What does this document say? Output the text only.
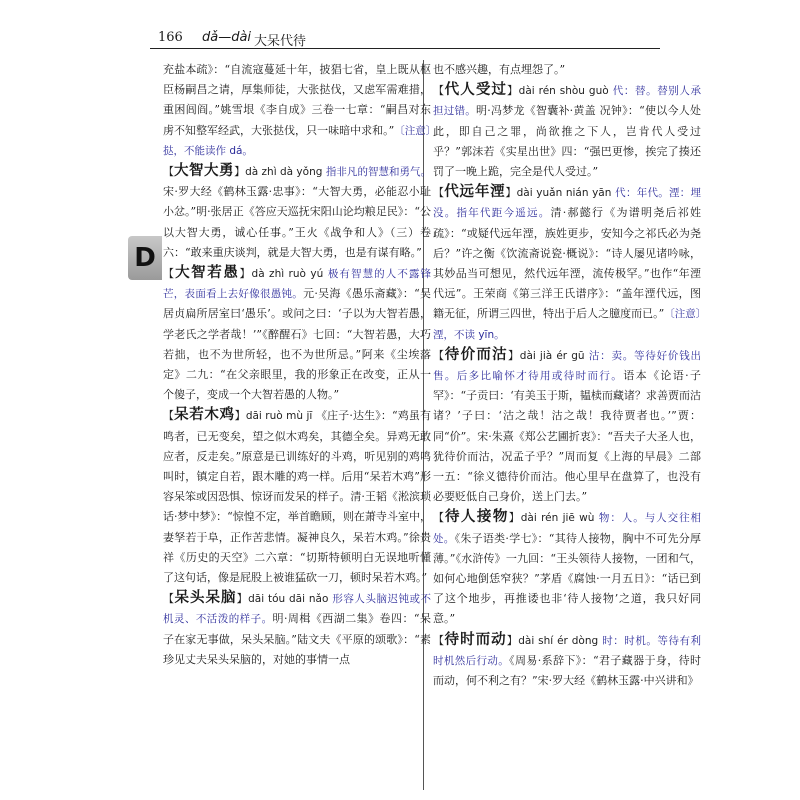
166 dǎ—dài 大呆代待
D

充盐本疏》：“自流寇蔓延十年，披猖七省，皇上既从枢臣杨嗣昌之请，厚集师徒，大张挞伐，又虑军需难措，重困闾阎。”姚雪垠《李自成》三卷一七章：“嗣昌对东虏不知整军经武，大张挞伐，只一味暗中求和。”〔注意〕挞，不能读作 dá。

【大智大勇】dà zhì dà yǒng 指非凡的智慧和勇气。宋·罗大经《鹤林玉露·忠事》：“大智大勇，必能忍小耻小忿。”明·张居正《答应天巡抚宋阳山论均粮足民》：“公以大智大勇，诚心任事。”王火《战争和人》（三）卷六：“敢来重庆谈判，就是大智大勇，也是有谋有略。”

【大智若愚】dà zhì ruò yú 极有智慧的人不露锋芒，表面看上去好像很愚钝。元·吴海《愚乐斋藏》：“吴居贞扁所居室曰‘愚乐’。或问之曰：‘子以为大智若愚，学老氏之学者哉！’”《醉醒石》七回：“大智若愚，大巧若拙，也不为世所轻，也不为世所忌。”阿来《尘埃落定》二九：“在父亲眼里，我的形象正在改变，正从一个傻子，变成一个大智若愚的人物。”

【呆若木鸡】dāi ruò mù jī 《庄子·达生》：“鸡虽有鸣者，已无变矣，望之似木鸡矣，其德全矣。异鸡无敢应者，反走矣。”原意是已训练好的斗鸡，听见别的鸡鸣叫时，镇定自若，跟木雕的鸡一样。后用“呆若木鸡”形容呆笨或因恐惧、惊讶而发呆的样子。清·王韬《淞滨琐话·梦中梦》：“惊惶不定，举首瞻顾，则在萧寺斗室中，妻孥若于阜，正作苦悲情。凝神良久，呆若木鸡。”徐贵祥《历史的天空》二六章：“切斯特顿明白无误地听懂了这句话，像是屁股上被谁猛砍一刀，顿时呆若木鸡。”

【呆头呆脑】dāi tóu dāi nǎo 形容人头脑迟钝或不机灵、不活泼的样子。明·周楫《西湖二集》卷四：“呆子在家无事做，呆头呆脑。”陆文夫《平原的颂歌》：“素珍见丈夫呆头呆脑的，对她的事情一点

也不感兴趣，有点埋怨了。”

【代人受过】dài rén shòu guò 代：替。替别人承担过错。明·冯梦龙《智囊补·黄盖 况钟》：“使以今人处此，即自己之罪，尚欲推之下人，岂肯代人受过乎？”郭沫若《实星出世》四：“强巴更惨，挨完了揍还罚了一晚上跪，完全是代人受过。”

【代远年湮】dài yuǎn nián yān 代：年代。湮：埋没。指年代距今遥远。清·郝懿行《为谱明尧后祁姓疏》：“或疑代远年湮，族姓更步，安知今之祁氏必为尧后？”许之衡《饮流斋说瓷·概说》：“诗人屡见诸吟咏，其妙品当可想见，然代远年湮，流传极罕。”也作“年湮代远”。王荣商《第三洋王氏谱序》：“盖年湮代远，图籍无征，所谓三四世，特出于后人之臆度而已。”〔注意〕湮，不读 yīn。

【待价而沽】dài jià ér gū 沽：卖。等待好价钱出售。后多比喻怀才待用或待时而行。语本《论语·子罕》：“子贡曰：‘有美玉于斯，韫椟而藏诸？求善贾而沽诸？’子曰：‘沽之哉！沽之哉！我待贾者也。’”贾：同“价”。宋·朱熹《郑公艺圃折衷》：“吾夫子大圣人也，犹待价而沽，况孟子乎？”周而复《上海的早晨》二部一五：“徐义德待价而沽。他心里早在盘算了，也没有必要贬低自己身价，送上门去。”

【待人接物】dài rén jiē wù 物：人。与人交往相处。《朱子语类·学七》：“其待人接物，胸中不可先分厚薄。”《水浒传》一九回：“王头领待人接物，一团和气，如何心地倒恁窄狭？”茅盾《腐蚀·一月五日》：“话已到了这个地步，再推诿也非‘待人接物’之道，我只好同意。”

【待时而动】dài shí ér dòng 时：时机。等待有利时机然后行动。《周易·系辞下》：“君子藏器于身，待时而动，何不利之有？”宋·罗大经《鹤林玉露·中兴讲和》
